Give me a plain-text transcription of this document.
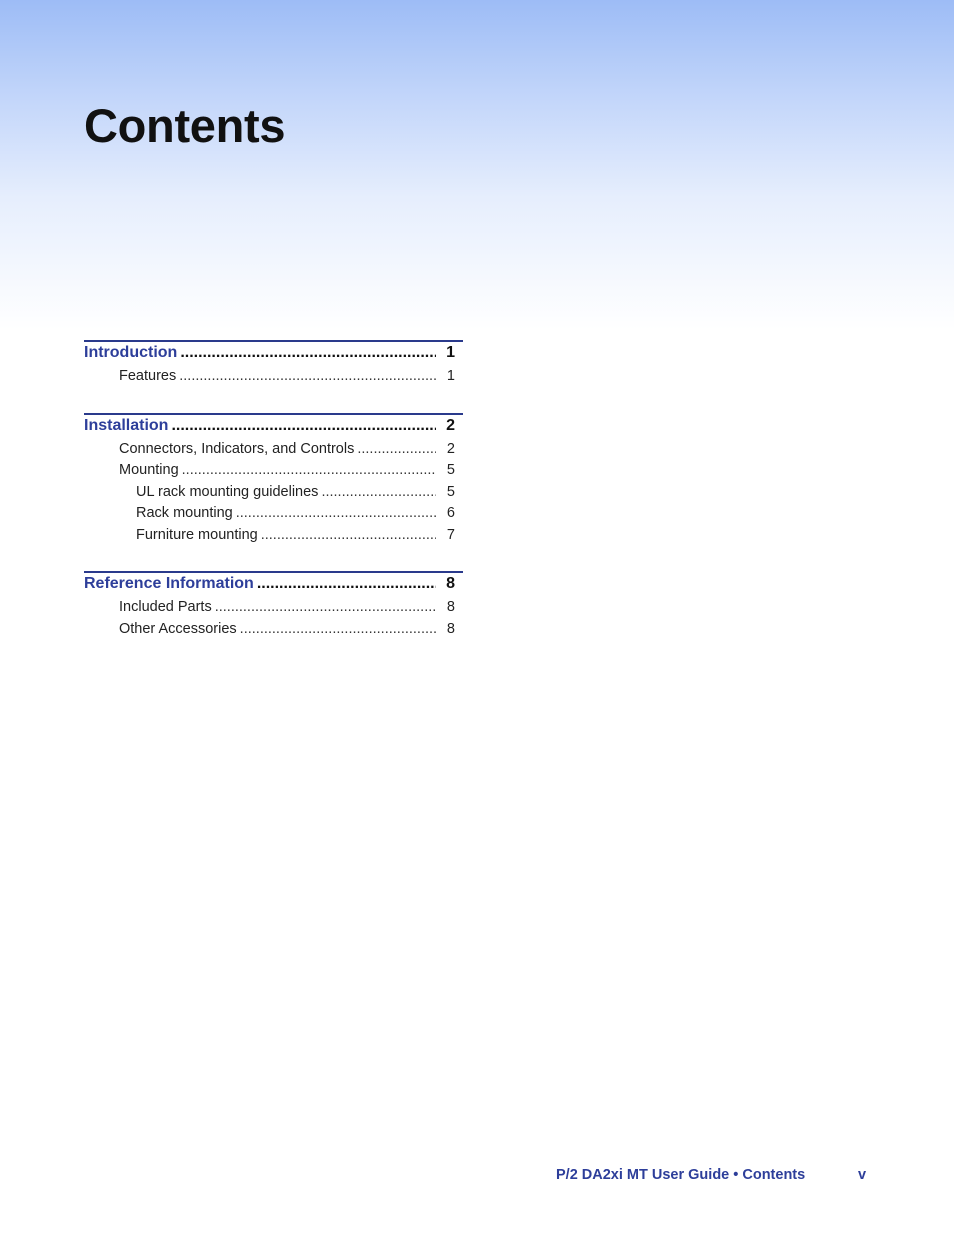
Contents
Introduction .....	1
Features .....	1
Installation .....	2
Connectors, Indicators, and Controls .....	2
Mounting .....	5
UL rack mounting guidelines .....	5
Rack mounting .....	6
Furniture mounting .....	7
Reference Information .....	8
Included Parts .....	8
Other Accessories .....	8
P/2 DA2xi MT User Guide • Contents	v
